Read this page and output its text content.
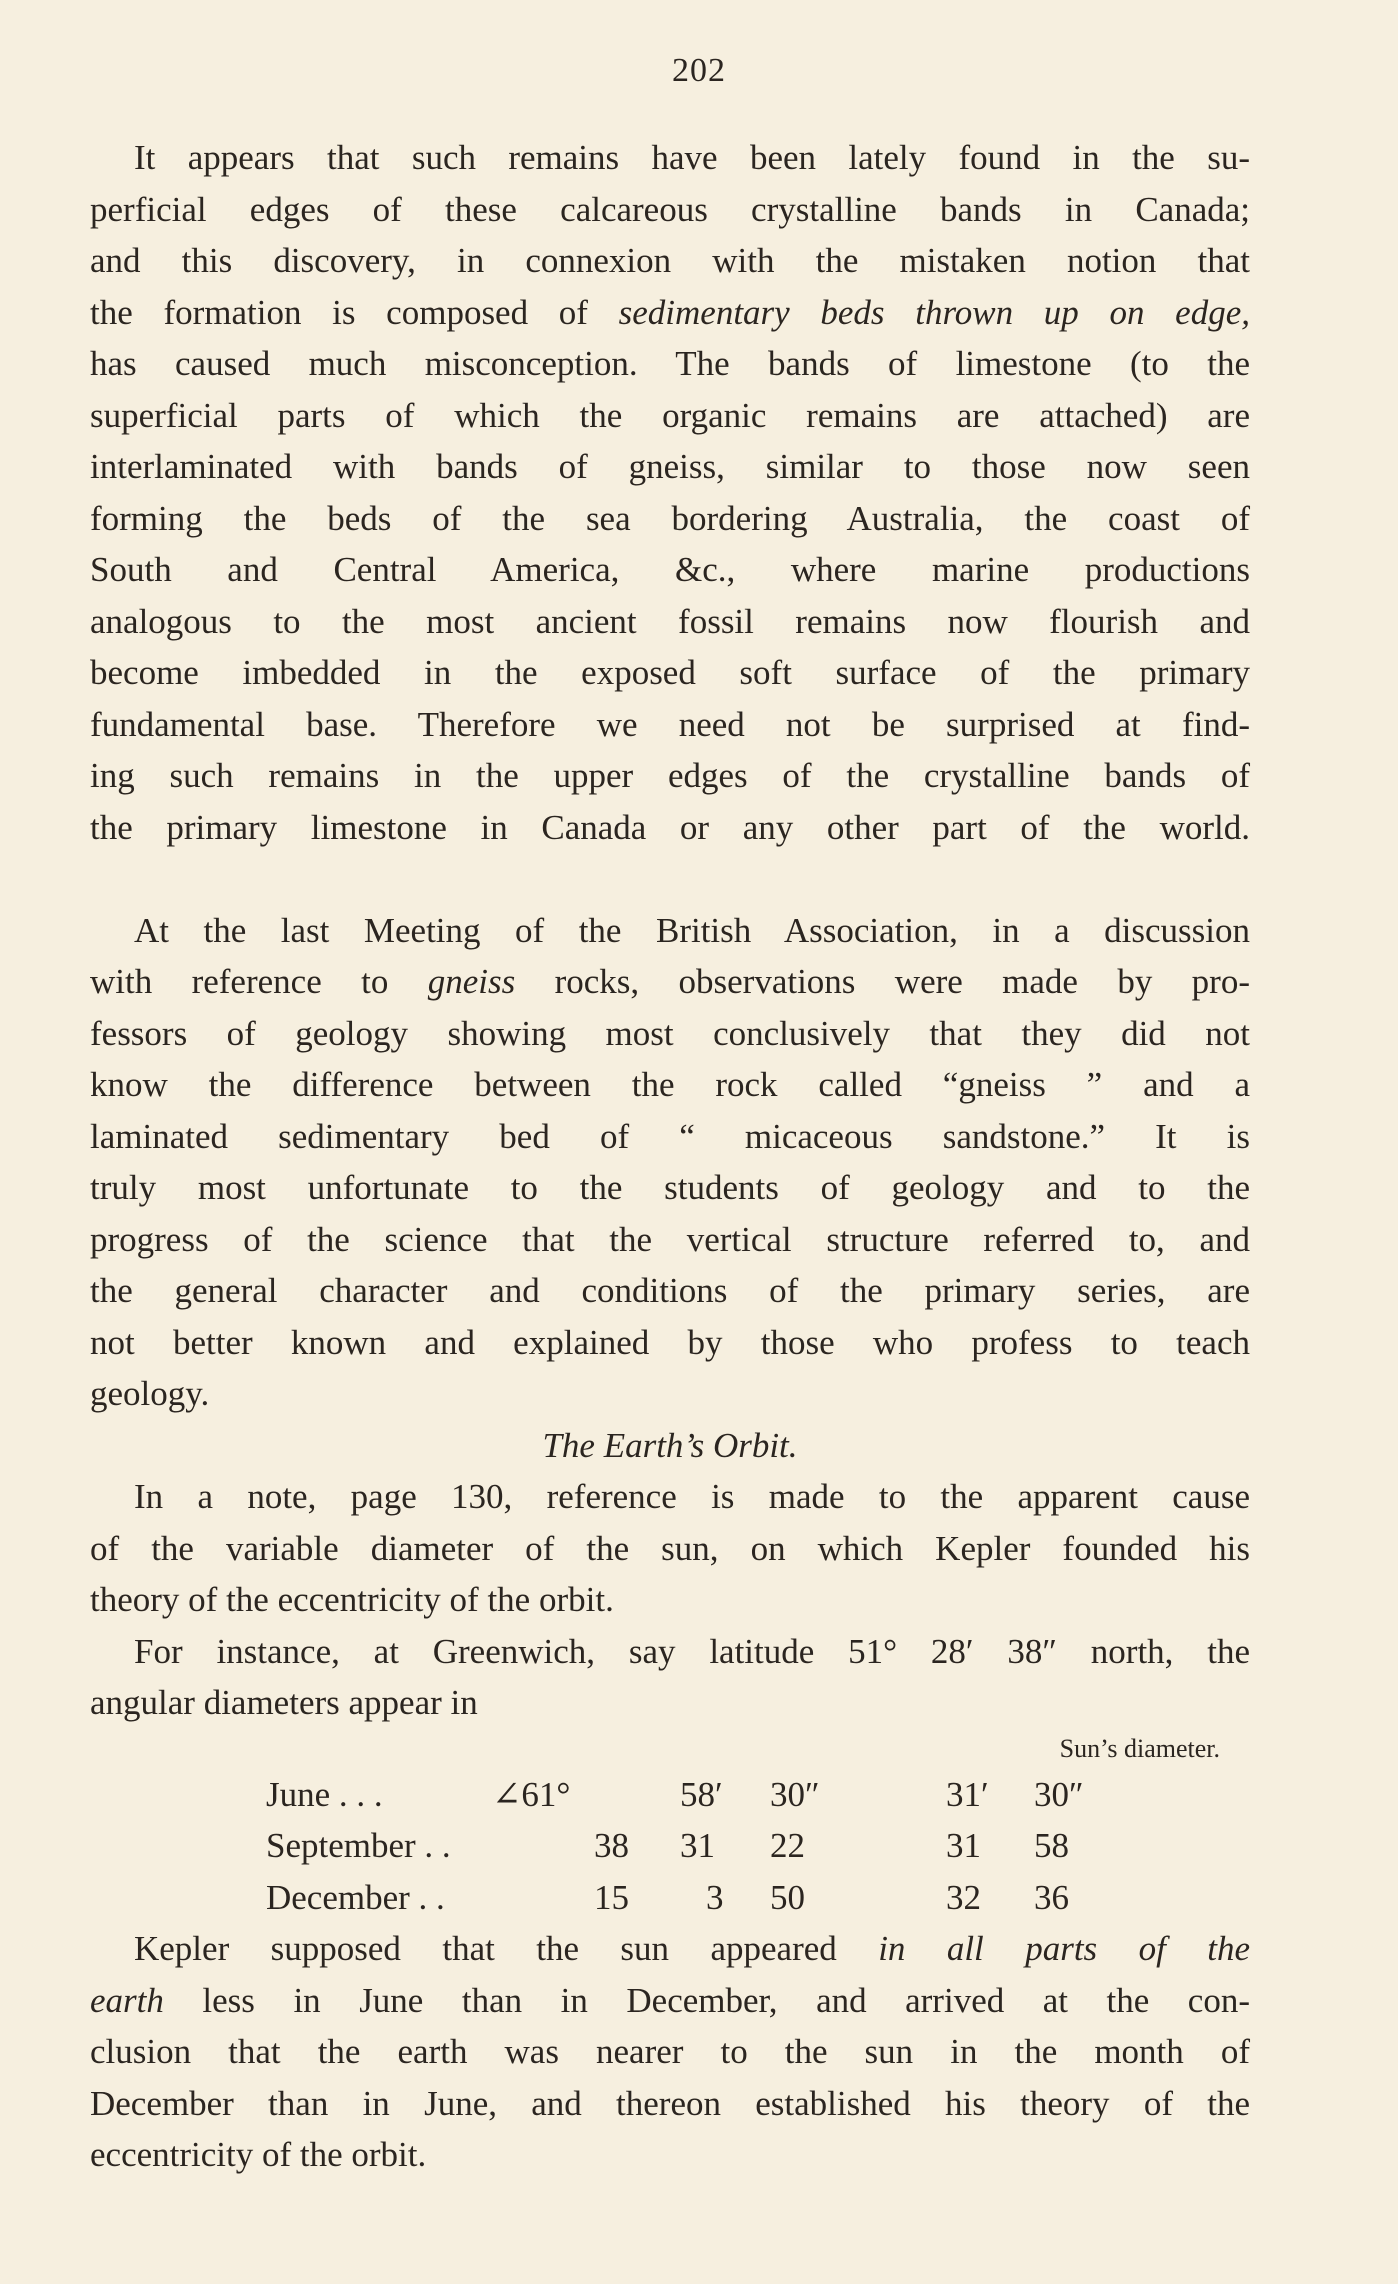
202
It appears that such remains have been lately found in the su-
perficial edges of these calcareous crystalline bands in Canada;
and this discovery, in connexion with the mistaken notion that
the formation is composed of sedimentary beds thrown up on edge,
has caused much misconception. The bands of limestone (to the
superficial parts of which the organic remains are attached) are
interlaminated with bands of gneiss, similar to those now seen
forming the beds of the sea bordering Australia, the coast of
South and Central America, &c., where marine productions
analogous to the most ancient fossil remains now flourish and
become imbedded in the exposed soft surface of the primary
fundamental base. Therefore we need not be surprised at find-
ing such remains in the upper edges of the crystalline bands of
the primary limestone in Canada or any other part of the world.
At the last Meeting of the British Association, in a discussion
with reference to gneiss rocks, observations were made by pro-
fessors of geology showing most conclusively that they did not
know the difference between the rock called “gneiss ” and a
laminated sedimentary bed of “ micaceous sandstone.” It is
truly most unfortunate to the students of geology and to the
progress of the science that the vertical structure referred to, and
the general character and conditions of the primary series, are
not better known and explained by those who profess to teach
geology.
The Earth’s Orbit.
In a note, page 130, reference is made to the apparent cause
of the variable diameter of the sun, on which Kepler founded his
theory of the eccentricity of the orbit.
For instance, at Greenwich, say latitude 51° 28′ 38″ north, the
angular diameters appear in
Sun’s diameter.
June . . .	∠61°	58′ 30″	31′ 30″
September . .	38 31 22	31 58
December . .	15 3 50	32 36
Kepler supposed that the sun appeared in all parts of the
earth less in June than in December, and arrived at the con-
clusion that the earth was nearer to the sun in the month of
December than in June, and thereon established his theory of the
eccentricity of the orbit.
